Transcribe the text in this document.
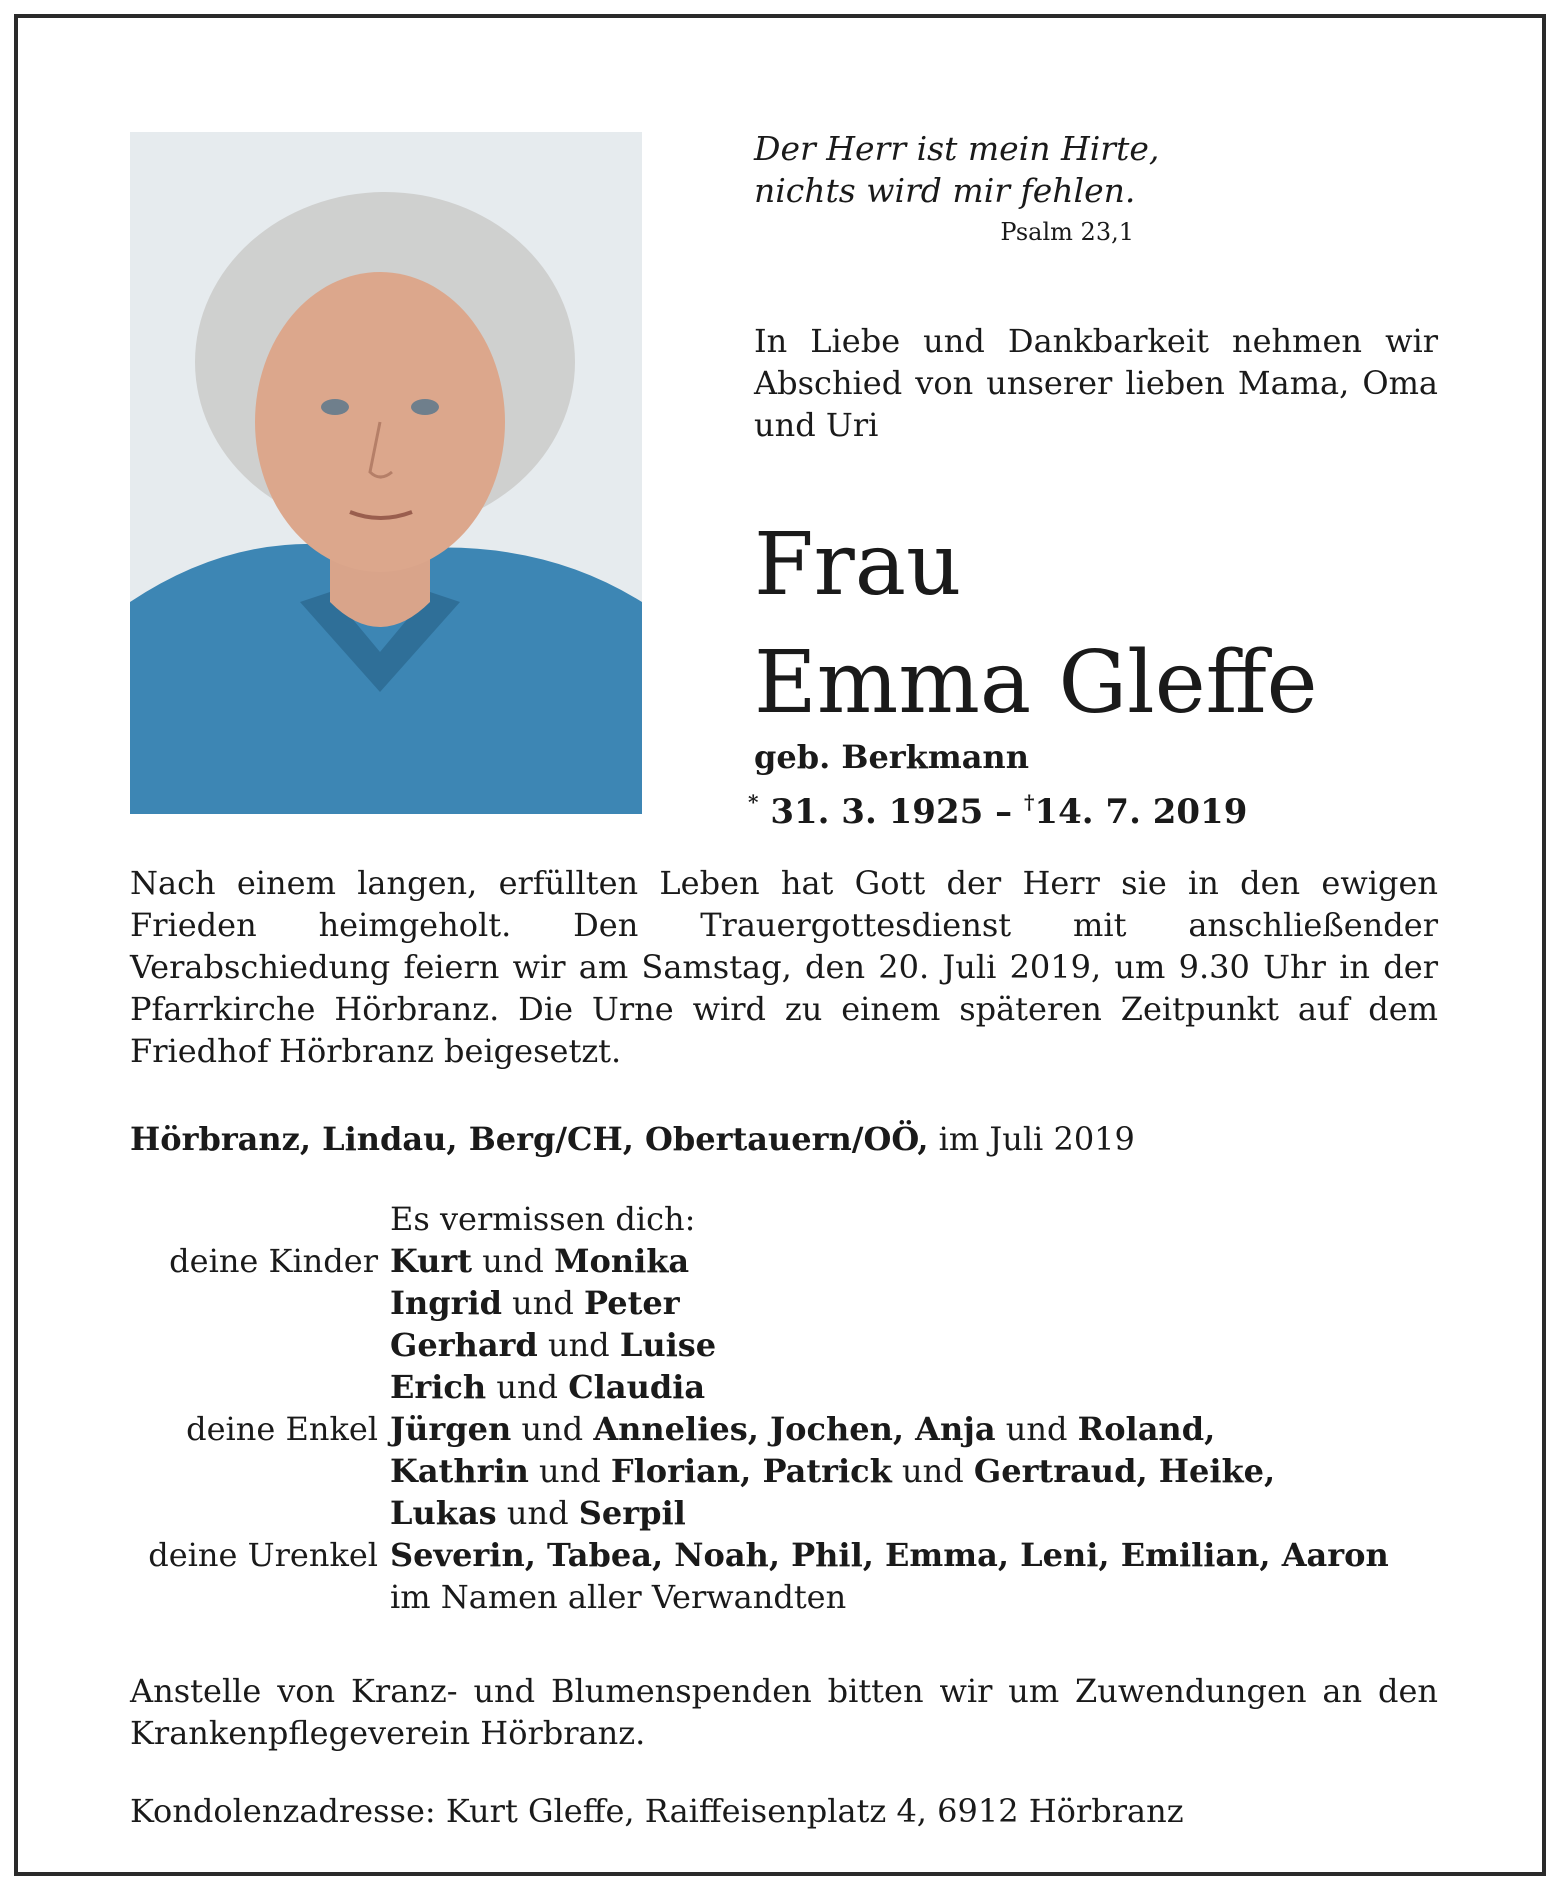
Der Herr ist mein Hirte,
nichts wird mir fehlen.
Psalm 23,1
In Liebe und Dankbarkeit nehmen wir Abschied von unserer lieben Mama, Oma und Uri
Frau
Emma Gleffe
geb. Berkmann
* 31. 3. 1925 – †14. 7. 2019
Nach einem langen, erfüllten Leben hat Gott der Herr sie in den ewigen Frieden heimgeholt. Den Trauergottesdienst mit anschließender Verabschiedung feiern wir am Samstag, den 20. Juli 2019, um 9.30 Uhr in der Pfarrkirche Hörbranz. Die Urne wird zu einem späteren Zeitpunkt auf dem Friedhof Hörbranz beigesetzt.
Hörbranz, Lindau, Berg/CH, Obertauern/OÖ, im Juli 2019
Es vermissen dich:
deine Kinder Kurt und Monika
Ingrid und Peter
Gerhard und Luise
Erich und Claudia
deine Enkel Jürgen und Annelies, Jochen, Anja und Roland,
Kathrin und Florian, Patrick und Gertraud, Heike,
Lukas und Serpil
deine Urenkel Severin, Tabea, Noah, Phil, Emma, Leni, Emilian, Aaron
im Namen aller Verwandten
Anstelle von Kranz- und Blumenspenden bitten wir um Zuwendungen an den Krankenpflegeverein Hörbranz.
Kondolenzadresse: Kurt Gleffe, Raiffeisenplatz 4, 6912 Hörbranz
